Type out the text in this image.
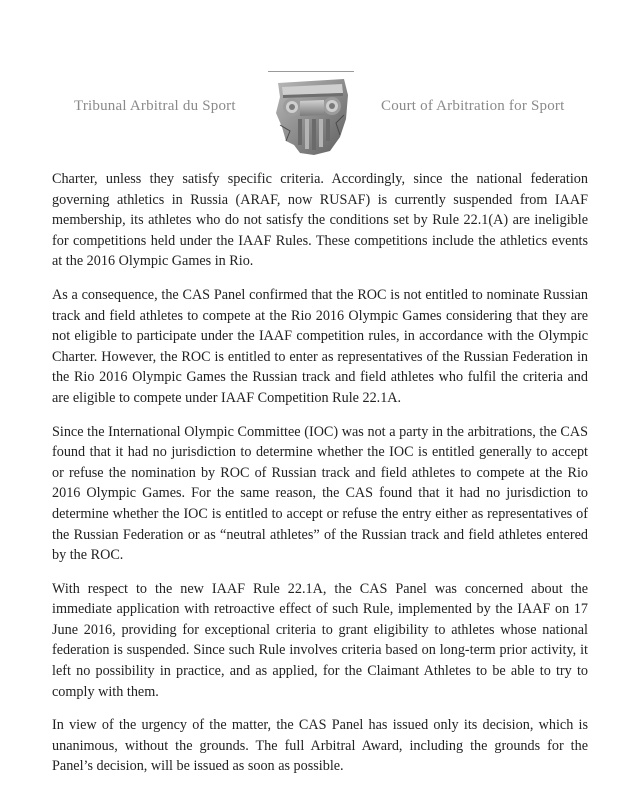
Tribunal Arbitral du Sport	Court of Arbitration for Sport

Charter, unless they satisfy specific criteria. Accordingly, since the national federation governing athletics in Russia (ARAF, now RUSAF) is currently suspended from IAAF membership, its athletes who do not satisfy the conditions set by Rule 22.1(A) are ineligible for competitions held under the IAAF Rules. These competitions include the athletics events at the 2016 Olympic Games in Rio.

As a consequence, the CAS Panel confirmed that the ROC is not entitled to nominate Russian track and field athletes to compete at the Rio 2016 Olympic Games considering that they are not eligible to participate under the IAAF competition rules, in accordance with the Olympic Charter. However, the ROC is entitled to enter as representatives of the Russian Federation in the Rio 2016 Olympic Games the Russian track and field athletes who fulfil the criteria and are eligible to compete under IAAF Competition Rule 22.1A.

Since the International Olympic Committee (IOC) was not a party in the arbitrations, the CAS found that it had no jurisdiction to determine whether the IOC is entitled generally to accept or refuse the nomination by ROC of Russian track and field athletes to compete at the Rio 2016 Olympic Games. For the same reason, the CAS found that it had no jurisdiction to determine whether the IOC is entitled to accept or refuse the entry either as representatives of the Russian Federation or as “neutral athletes” of the Russian track and field athletes entered by the ROC.

With respect to the new IAAF Rule 22.1A, the CAS Panel was concerned about the immediate application with retroactive effect of such Rule, implemented by the IAAF on 17 June 2016, providing for exceptional criteria to grant eligibility to athletes whose national federation is suspended. Since such Rule involves criteria based on long-term prior activity, it left no possibility in practice, and as applied, for the Claimant Athletes to be able to try to comply with them.

In view of the urgency of the matter, the CAS Panel has issued only its decision, which is unanimous, without the grounds. The full Arbitral Award, including the grounds for the Panel’s decision, will be issued as soon as possible.
